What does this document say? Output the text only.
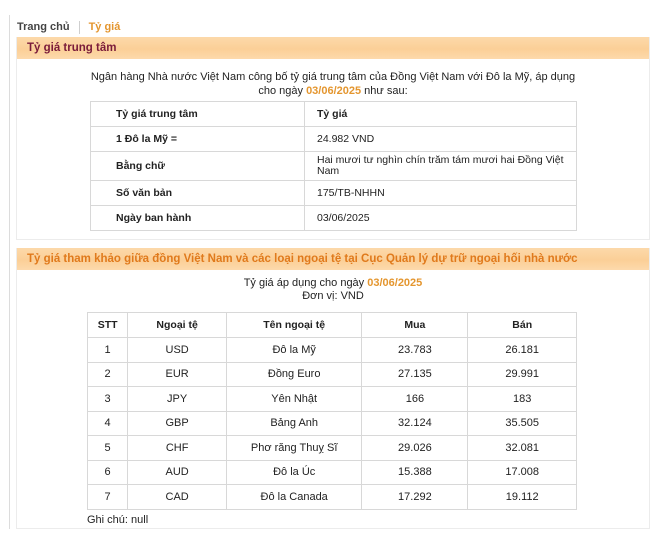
Trang chủ Tỷ giá
Tỷ giá trung tâm
Ngân hàng Nhà nước Việt Nam công bố tỷ giá trung tâm của Đồng Việt Nam với Đô la Mỹ, áp dụng
cho ngày 03/06/2025 như sau:
Tỷ giá trung tâm	Tỷ giá
1 Đô la Mỹ =	24.982 VND
Bằng chữ	Hai mươi tư nghìn chín trăm tám mươi hai Đồng Việt Nam
Số văn bản	175/TB-NHHN
Ngày ban hành	03/06/2025
Tỷ giá tham khảo giữa đồng Việt Nam và các loại ngoại tệ tại Cục Quản lý dự trữ ngoại hối nhà nước
Tỷ giá áp dụng cho ngày 03/06/2025
Đơn vị: VND
STT	Ngoại tệ	Tên ngoại tệ	Mua	Bán
1	USD	Đô la Mỹ	23.783	26.181
2	EUR	Đồng Euro	27.135	29.991
3	JPY	Yên Nhật	166	183
4	GBP	Bảng Anh	32.124	35.505
5	CHF	Phơ răng Thuỵ Sĩ	29.026	32.081
6	AUD	Đô la Úc	15.388	17.008
7	CAD	Đô la Canada	17.292	19.112
Ghi chú: null
